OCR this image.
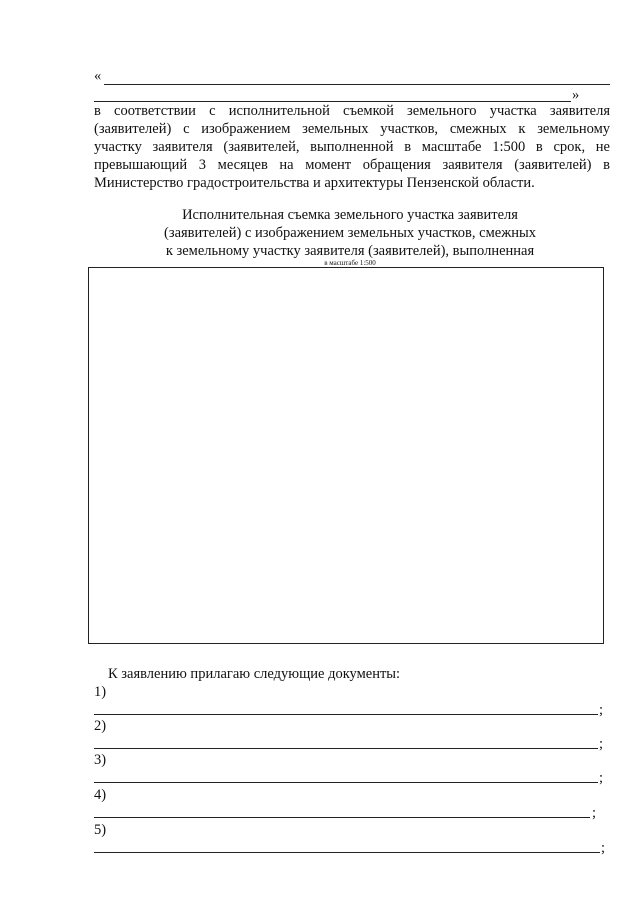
«
»
в соответствии с исполнительной съемкой земельного участка заявителя
(заявителей) с изображением земельных участков, смежных к земельному
участку заявителя (заявителей, выполненной в масштабе 1:500 в срок, не
превышающий 3 месяцев на момент обращения заявителя (заявителей) в
Министерство градостроительства и архитектуры Пензенской области.
Исполнительная съемка земельного участка заявителя
(заявителей) с изображением земельных участков, смежных
к земельному участку заявителя (заявителей), выполненная
в масштабе 1:500
К заявлению прилагаю следующие документы:
1)
;
2)
;
3)
;
4)
;
5)
;
